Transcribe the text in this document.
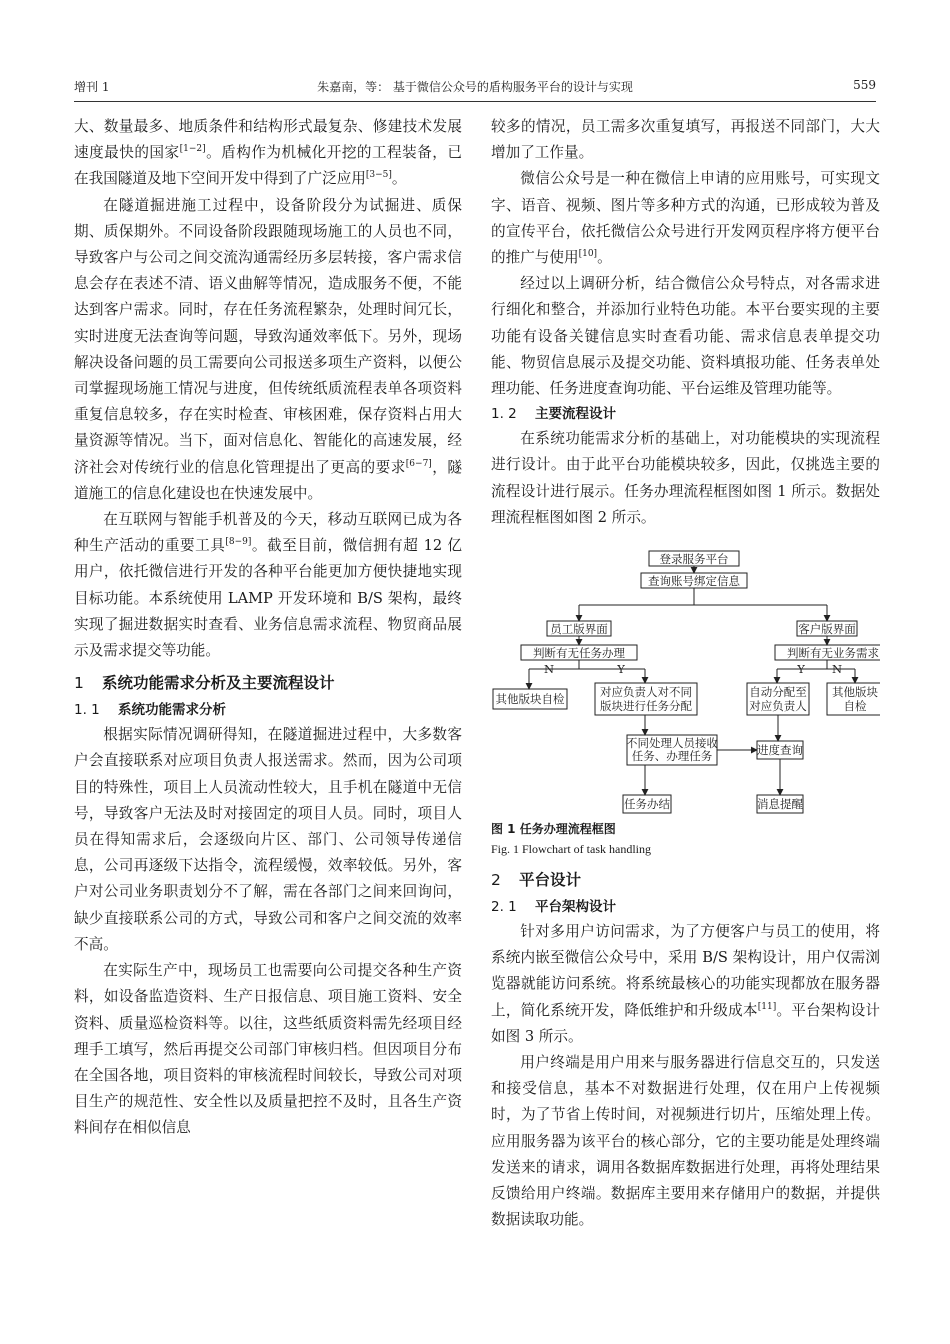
增刊 1	朱嘉南，等： 基于微信公众号的盾构服务平台的设计与实现	559

大、数量最多、地质条件和结构形式最复杂、修建技术发展速度最快的国家[1−2]。盾构作为机械化开挖的工程装备，已在我国隧道及地下空间开发中得到了广泛应用[3−5]。

在隧道掘进施工过程中，设备阶段分为试掘进、质保期、质保期外。不同设备阶段跟随现场施工的人员也不同，导致客户与公司之间交流沟通需经历多层转接，客户需求信息会存在表述不清、语义曲解等情况，造成服务不便，不能达到客户需求。同时，存在任务流程繁杂，处理时间冗长，实时进度无法查询等问题，导致沟通效率低下。另外，现场解决设备问题的员工需要向公司报送多项生产资料，以便公司掌握现场施工情况与进度，但传统纸质流程表单各项资料重复信息较多，存在实时检查、审核困难，保存资料占用大量资源等情况。当下，面对信息化、智能化的高速发展，经济社会对传统行业的信息化管理提出了更高的要求[6−7]，隧道施工的信息化建设也在快速发展中。

在互联网与智能手机普及的今天，移动互联网已成为各种生产活动的重要工具[8−9]。截至目前，微信拥有超 12 亿用户，依托微信进行开发的各种平台能更加方便快捷地实现目标功能。本系统使用 LAMP 开发环境和 B/S 架构，最终实现了掘进数据实时查看、业务信息需求流程、物贸商品展示及需求提交等功能。

1 系统功能需求分析及主要流程设计
1. 1 系统功能需求分析

根据实际情况调研得知，在隧道掘进过程中，大多数客户会直接联系对应项目负责人报送需求。然而，因为公司项目的特殊性，项目上人员流动性较大，且手机在隧道中无信号，导致客户无法及时对接固定的项目人员。同时，项目人员在得知需求后，会逐级向片区、部门、公司领导传递信息，公司再逐级下达指令，流程缓慢，效率较低。另外，客户对公司业务职责划分不了解，需在各部门之间来回询问，缺少直接联系公司的方式，导致公司和客户之间交流的效率不高。

在实际生产中，现场员工也需要向公司提交各种生产资料，如设备监造资料、生产日报信息、项目施工资料、安全资料、质量巡检资料等。以往，这些纸质资料需先经项目经理手工填写，然后再提交公司部门审核归档。但因项目分布在全国各地，项目资料的审核流程时间较长，导致公司对项目生产的规范性、安全性以及质量把控不及时，且各生产资料间存在相似信息

较多的情况，员工需多次重复填写，再报送不同部门，大大增加了工作量。

微信公众号是一种在微信上申请的应用账号，可实现文字、语音、视频、图片等多种方式的沟通，已形成较为普及的宣传平台，依托微信公众号进行开发网页程序将方便平台的推广与使用[10]。

经过以上调研分析，结合微信公众号特点，对各需求进行细化和整合，并添加行业特色功能。本平台要实现的主要功能有设备关键信息实时查看功能、需求信息表单提交功能、物贸信息展示及提交功能、资料填报功能、任务表单处理功能、任务进度查询功能、平台运维及管理功能等。

1. 2 主要流程设计

在系统功能需求分析的基础上，对功能模块的实现流程进行设计。由于此平台功能模块较多，因此，仅挑选主要的流程设计进行展示。任务办理流程框图如图 1 所示。数据处理流程框图如图 2 所示。

登录服务平台
查询账号绑定信息
员工版界面	客户版界面
判断有无任务办理	判断有无业务需求
N	Y	Y N
其他版块自检	对应负责人对不同
版块进行任务分配
自动分配至
对应负责人
其他版块
自检
不同处理人员接收
任务、办理任务	进度查询
任务办结	消息提醒

图 1 任务办理流程框图

Fig. 1 Flowchart of task handling

2 平台设计
2. 1 平台架构设计

针对多用户访问需求，为了方便客户与员工的使用，将系统内嵌至微信公众号中，采用 B/S 架构设计，用户仅需浏览器就能访问系统。将系统最核心的功能实现都放在服务器上，简化系统开发，降低维护和升级成本[11]。平台架构设计如图 3 所示。

用户终端是用户用来与服务器进行信息交互的，只发送和接受信息，基本不对数据进行处理，仅在用户上传视频时，为了节省上传时间，对视频进行切片，压缩处理上传。应用服务器为该平台的核心部分，它的主要功能是处理终端发送来的请求，调用各数据库数据进行处理，再将处理结果反馈给用户终端。数据库主要用来存储用户的数据，并提供数据读取功能。
